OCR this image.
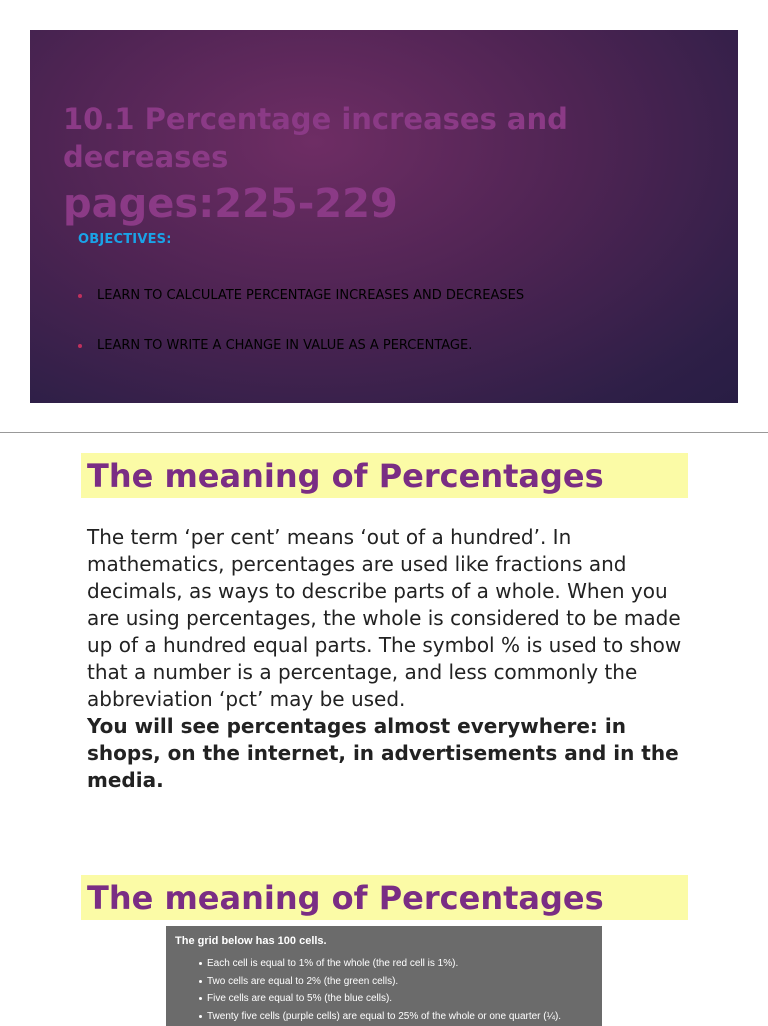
10.1 Percentage increases and decreases
pages:225-229
OBJECTIVES:
LEARN TO CALCULATE PERCENTAGE INCREASES AND DECREASES
LEARN TO WRITE A CHANGE IN VALUE AS A PERCENTAGE.
The meaning of Percentages

The term ‘per cent’ means ‘out of a hundred’. In mathematics, percentages are used like fractions and decimals, as ways to describe parts of a whole. When you are using percentages, the whole is considered to be made up of a hundred equal parts. The symbol % is used to show that a number is a percentage, and less commonly the abbreviation ‘pct’ may be used.

You will see percentages almost everywhere: in shops, on the internet, in advertisements and in the media.

The meaning of Percentages
The grid below has 100 cells.
Each cell is equal to 1% of the whole (the red cell is 1%).
Two cells are equal to 2% (the green cells).
Five cells are equal to 5% (the blue cells).
Twenty five cells (purple cells) are equal to 25% of the whole or one quarter (¼).
